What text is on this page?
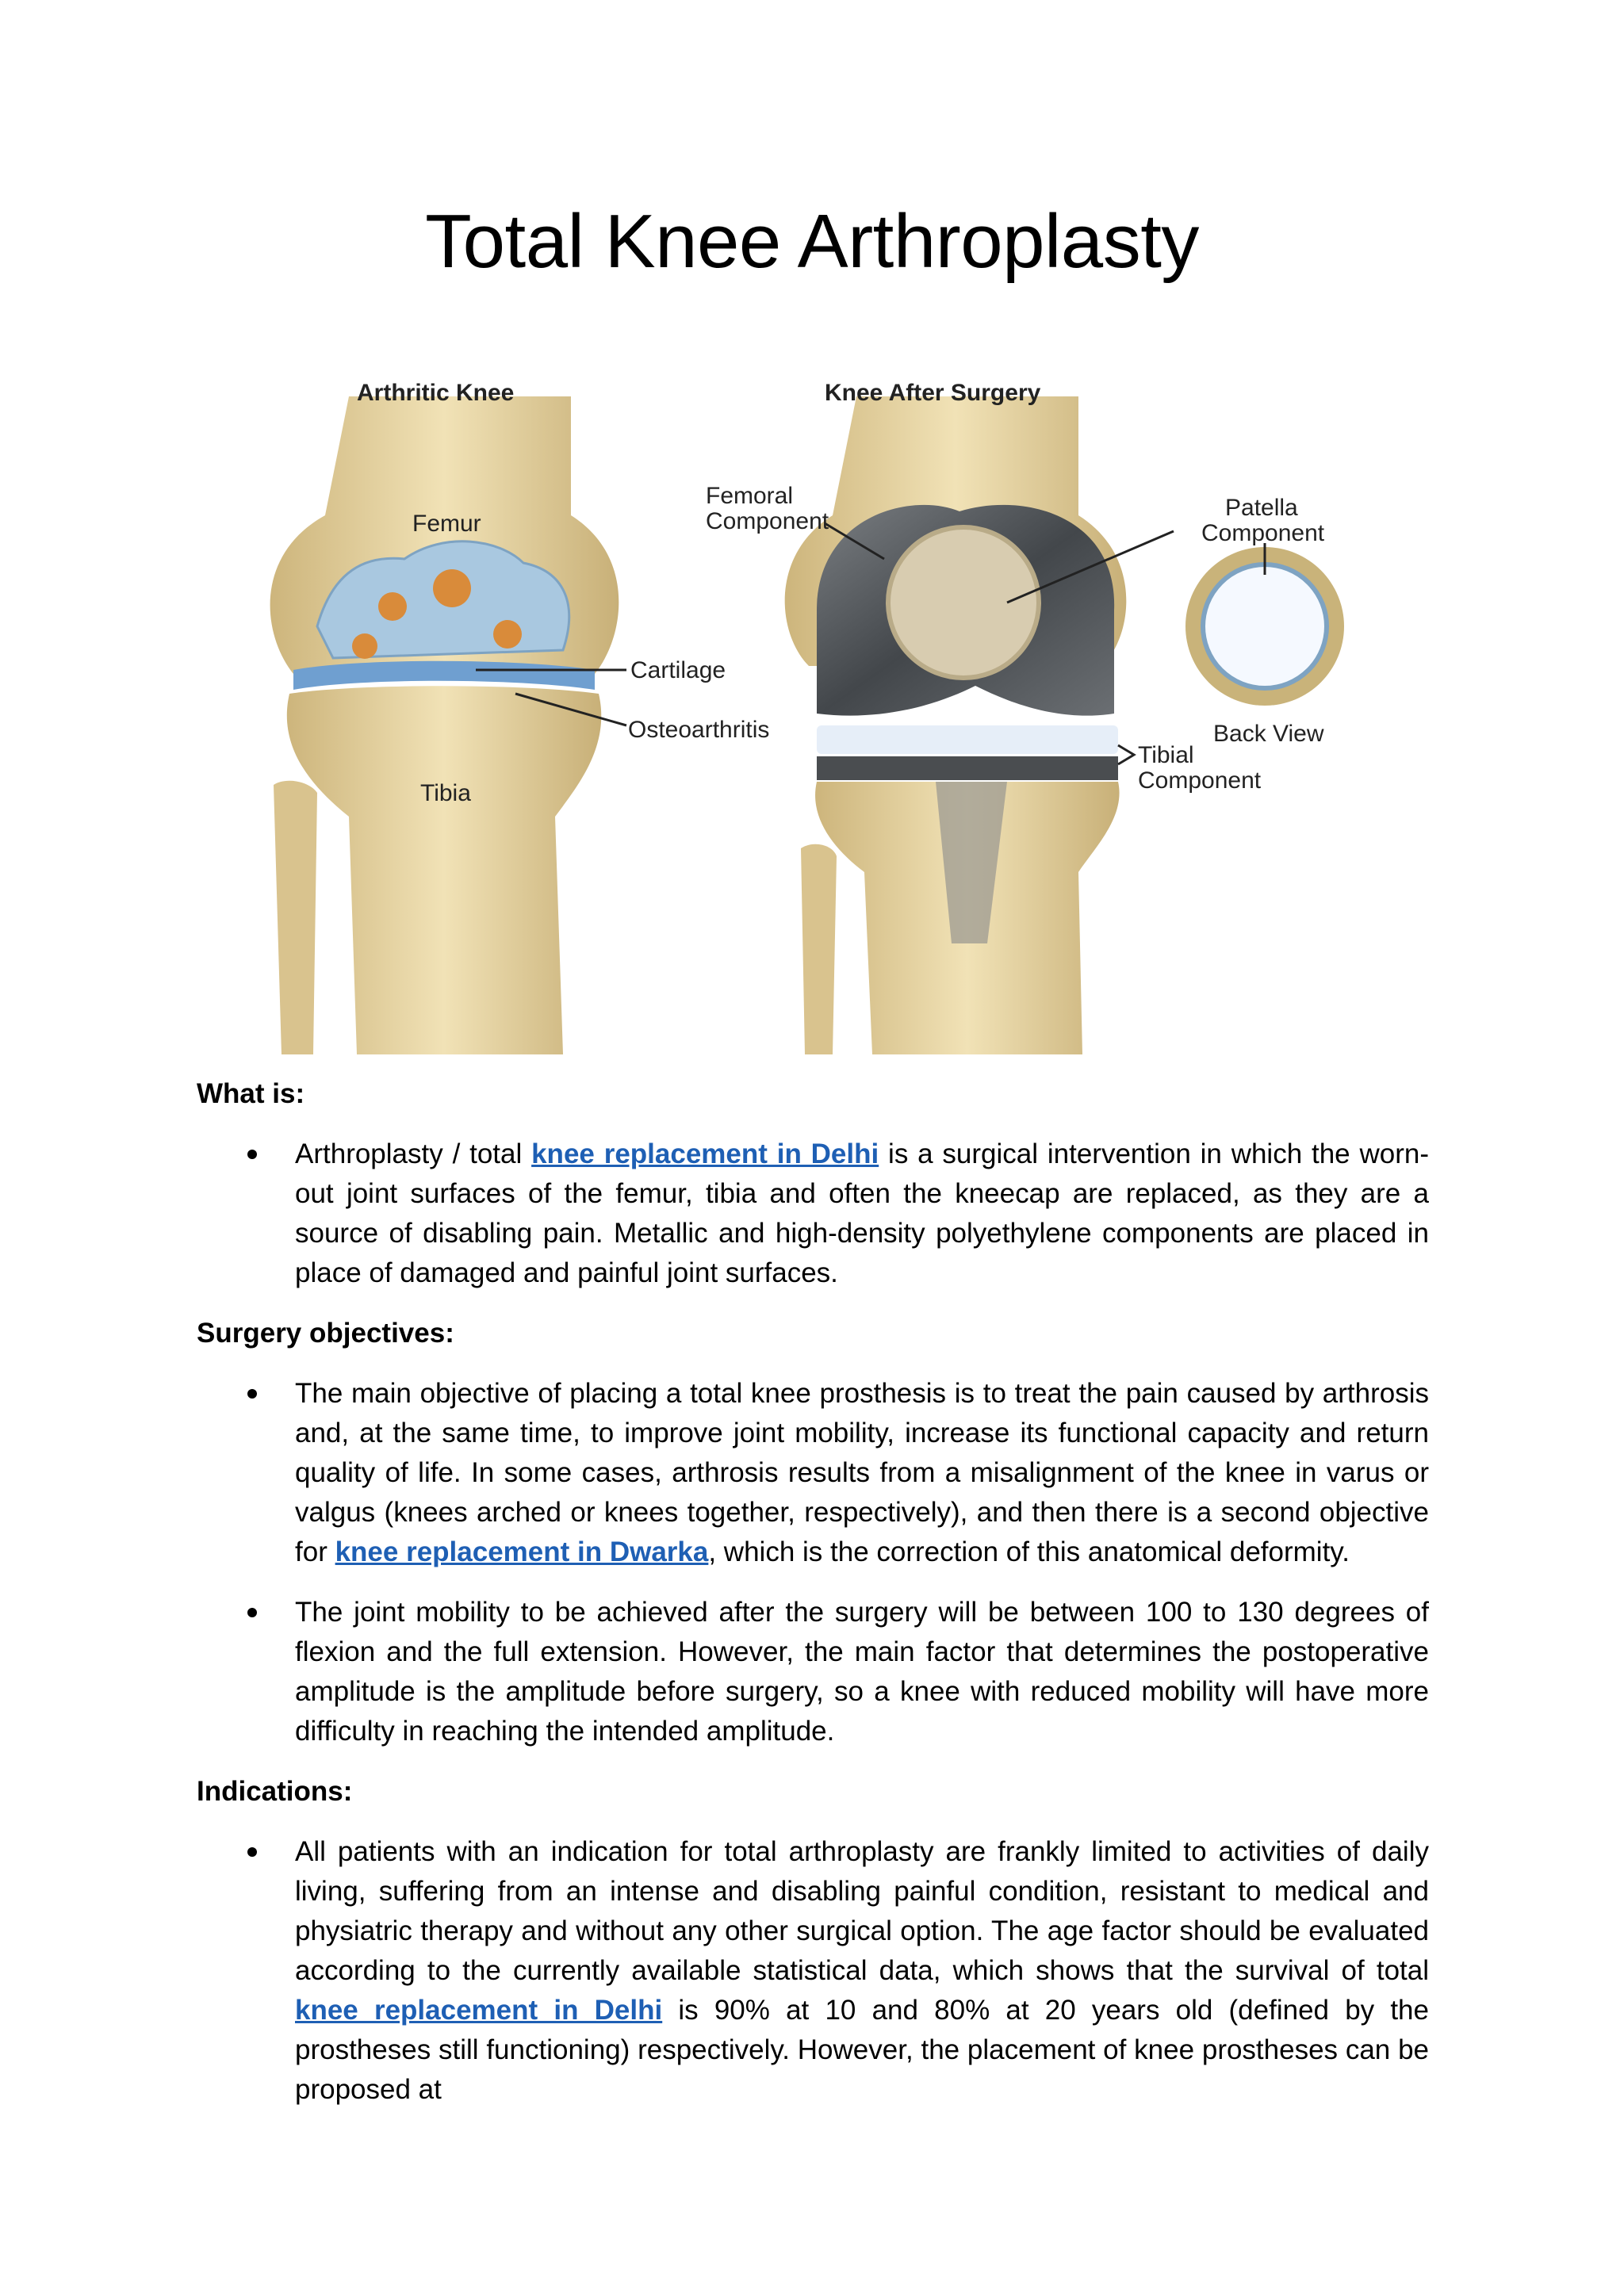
Total Knee Arthroplasty
Arthritic Knee	Knee After Surgery
Femur
Tibia
Cartilage
Osteoarthritis
Femoral
Component
Patella
Component
Back View
Tibial
Component

What is:

Arthroplasty / total knee replacement in Delhi is a surgical intervention in which the worn-out joint surfaces of the femur, tibia and often the kneecap are replaced, as they are a source of disabling pain. Metallic and high-density polyethylene components are placed in place of damaged and painful joint surfaces.

Surgery objectives:

The main objective of placing a total knee prosthesis is to treat the pain caused by arthrosis and, at the same time, to improve joint mobility, increase its functional capacity and return quality of life. In some cases, arthrosis results from a misalignment of the knee in varus or valgus (knees arched or knees together, respectively), and then there is a second objective for knee replacement in Dwarka, which is the correction of this anatomical deformity.
The joint mobility to be achieved after the surgery will be between 100 to 130 degrees of flexion and the full extension. However, the main factor that determines the postoperative amplitude is the amplitude before surgery, so a knee with reduced mobility will have more difficulty in reaching the intended amplitude.

Indications:

All patients with an indication for total arthroplasty are frankly limited to activities of daily living, suffering from an intense and disabling painful condition, resistant to medical and physiatric therapy and without any other surgical option. The age factor should be evaluated according to the currently available statistical data, which shows that the survival of total knee replacement in Delhi is 90% at 10 and 80% at 20 years old (defined by the prostheses still functioning) respectively. However, the placement of knee prostheses can be proposed at
